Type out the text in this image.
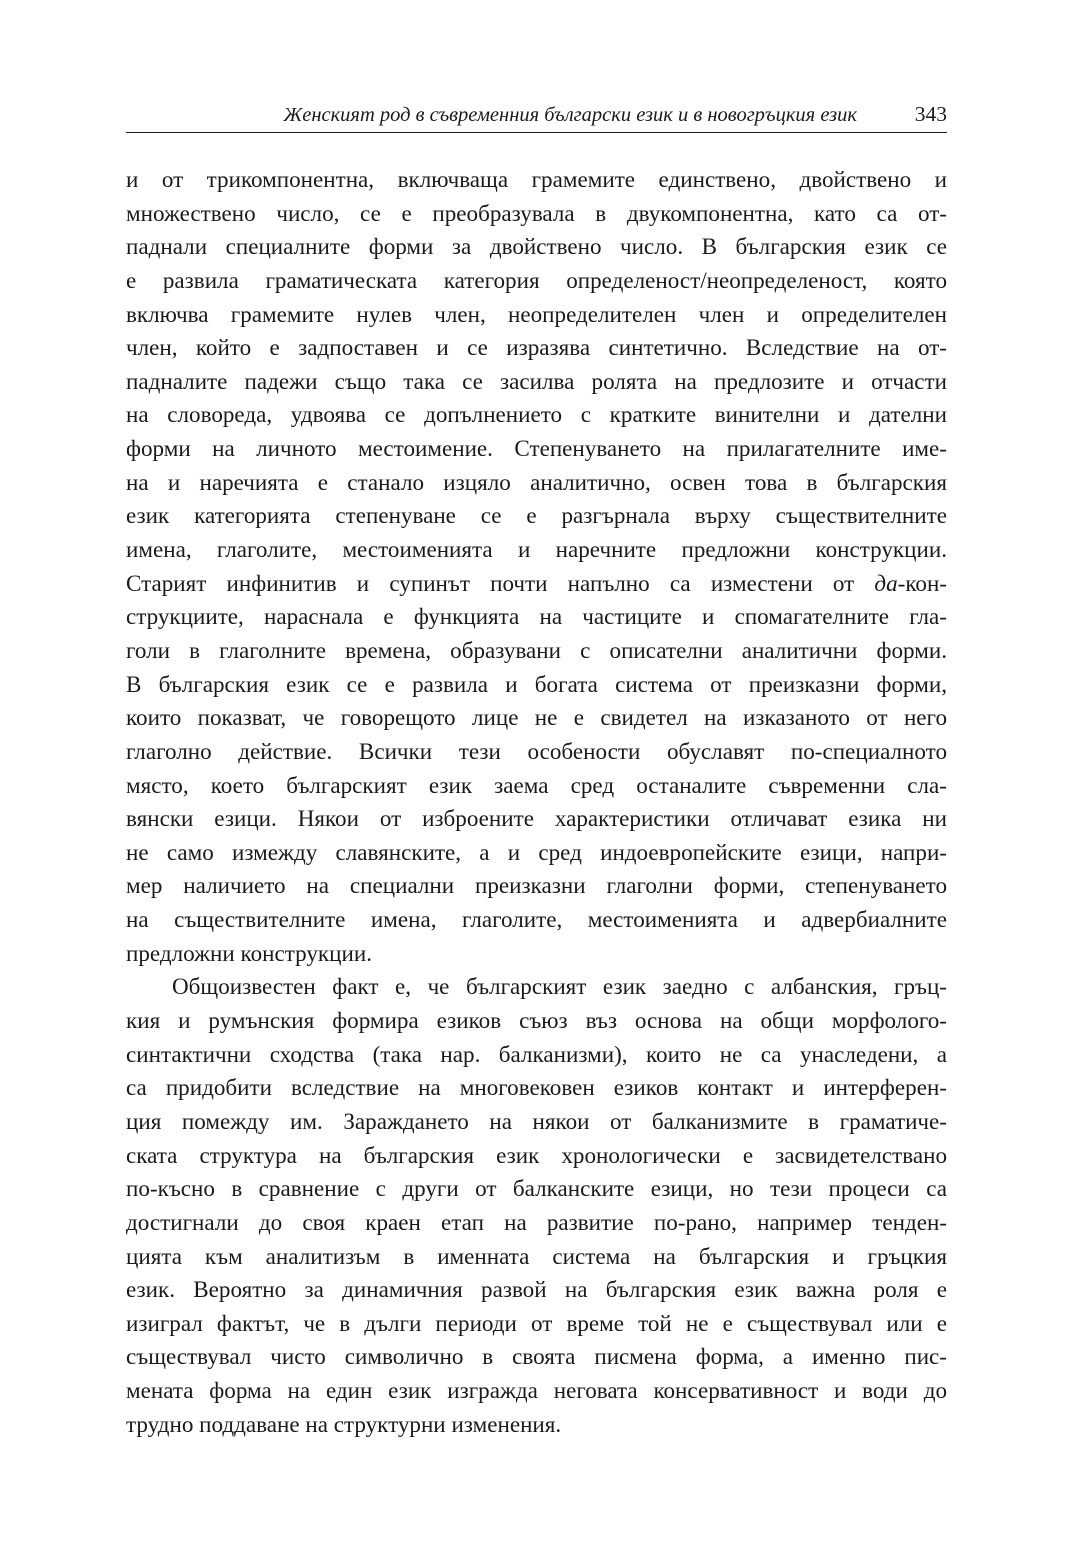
Женският род в съвременния български език и в новогръцкия език	343
и от трикомпонентна, включваща грамемите единствено, двойствено и
множествено число, се е преобразувала в двукомпонентна, като са от-
паднали специалните форми за двойствено число. В българския език се
е развила граматическата категория определеност/неопределеност, която
включва грамемите нулев член, неопределителен член и определителен
член, който е задпоставен и се изразява синтетично. Вследствие на от-
падналите падежи също така се засилва ролята на предлозите и отчасти
на словореда, удвоява се допълнението с кратките винителни и дателни
форми на личното местоимение. Степенуването на прилагателните име-
на и наречията е станало изцяло аналитично, освен това в българския
език категорията степенуване се е разгърнала върху съществителните
имена, глаголите, местоименията и наречните предложни конструкции.
Старият инфинитив и супинът почти напълно са изместени от да-кон-
струкциите, нараснала е функцията на частиците и спомагателните гла-
голи в глаголните времена, образувани с описателни аналитични форми.
В българския език се е развила и богата система от преизказни форми,
които показват, че говорещото лице не е свидетел на изказаното от него
глаголно действие. Всички тези особености обуславят по-специалното
място, което българският език заема сред останалите съвременни сла-
вянски езици. Някои от изброените характеристики отличават езика ни
не само измежду славянските, а и сред индоевропейските езици, напри-
мер наличието на специални преизказни глаголни форми, степенуването
на съществителните имена, глаголите, местоименията и адвербиалните
предложни конструкции.
Общоизвестен факт е, че българският език заедно с албанския, гръц-
кия и румънския формира езиков съюз въз основа на общи морфолого-
синтактични сходства (така нар. балканизми), които не са унаследени, а
са придобити вследствие на многовековен езиков контакт и интерферен-
ция помежду им. Зараждането на някои от балканизмите в граматиче-
ската структура на българския език хронологически е засвидетелствано
по-късно в сравнение с други от балканските езици, но тези процеси са
достигнали до своя краен етап на развитие по-рано, например тенден-
цията към аналитизъм в именната система на българския и гръцкия
език. Вероятно за динамичния развой на българския език важна роля е
изиграл фактът, че в дълги периоди от време той не е съществувал или е
съществувал чисто символично в своята писмена форма, а именно пис-
мената форма на един език изгражда неговата консервативност и води до
трудно поддаване на структурни изменения.
